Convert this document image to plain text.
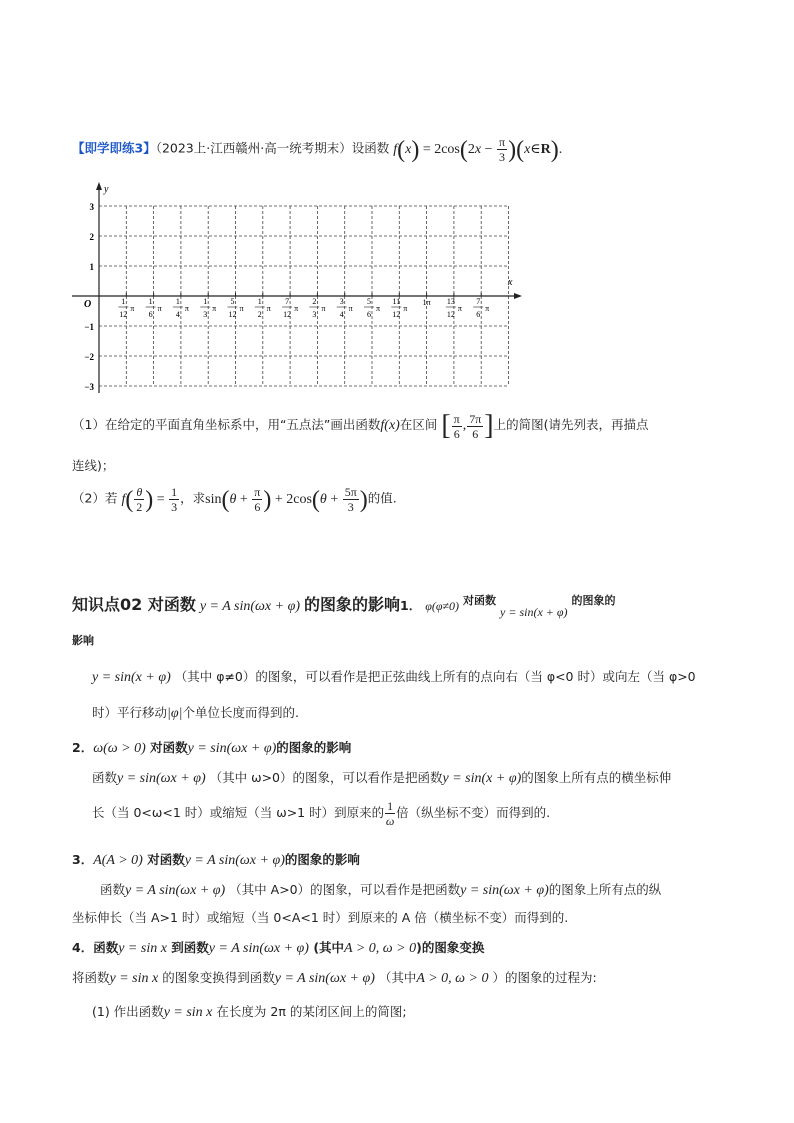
【即学即练3】（2023上·江西赣州·高一统考期末）设函数 $f(x) = 2\cos(2x - \frac{\pi}{3}$ )(x∈R).
y
x
O
3
2
1
−1
−2
−3
1
12
π
1
6
π
1
4
π
1
3
π
5
12
π
1
2
π
7
12
π
2
3
π
3
4
π
5
6
π
11
12
π
1π 13
12
π
7
6
π
（1）在给定的平面直角坐标系中，用“五点法”画出函数f(x)在区间 [ $\frac{\pi}{6}$ , $\frac{7\pi}{6}$ ]上的简图(请先列表，再描点
连线)；
（2）若 $f( \frac{\theta}{2}$ ) = $\frac{1}{3}$ ，求$\sin(\theta + \frac{\pi}{6}$ ) + $2\cos(\theta + \frac{5\pi}{3}$ )的值.
知识点02 对函数 y = A sin(ωx + φ) 的图象的影响1． φ(φ≠0) 对函数 y = sin(x + φ) 的图象的
影响
y = sin(x + φ) （其中 φ≠0）的图象，可以看作是把正弦曲线上所有的点向右（当 φ<0 时）或向左（当 φ>0
时）平行移动|φ|个单位长度而得到的.
2．ω(ω > 0) 对函数y = sin(ωx + φ)的图象的影响
函数y = sin(ωx + φ) （其中 ω>0）的图象，可以看作是把函数y = sin(x + φ)的图象上所有点的横坐标伸
长（当 0<ω<1 时）或缩短（当 ω>1 时）到原来的 $\frac{1}{\omega}$ 倍（纵坐标不变）而得到的.
3．A(A > 0) 对函数y = A sin(ωx + φ)的图象的影响
函数y = A sin(ωx + φ) （其中 A>0）的图象，可以看作是把函数y = sin(ωx + φ)的图象上所有点的纵
坐标伸长（当 A>1 时）或缩短（当 0<A<1 时）到原来的 A 倍（横坐标不变）而得到的.
4．函数y = sin x 到函数y = A sin(ωx + φ) (其中A > 0, ω > 0)的图象变换
将函数y = sin x 的图象变换得到函数y = A sin(ωx + φ) （其中A > 0, ω > 0 ）的图象的过程为:
(1) 作出函数y = sin x 在长度为 2π 的某闭区间上的简图;
